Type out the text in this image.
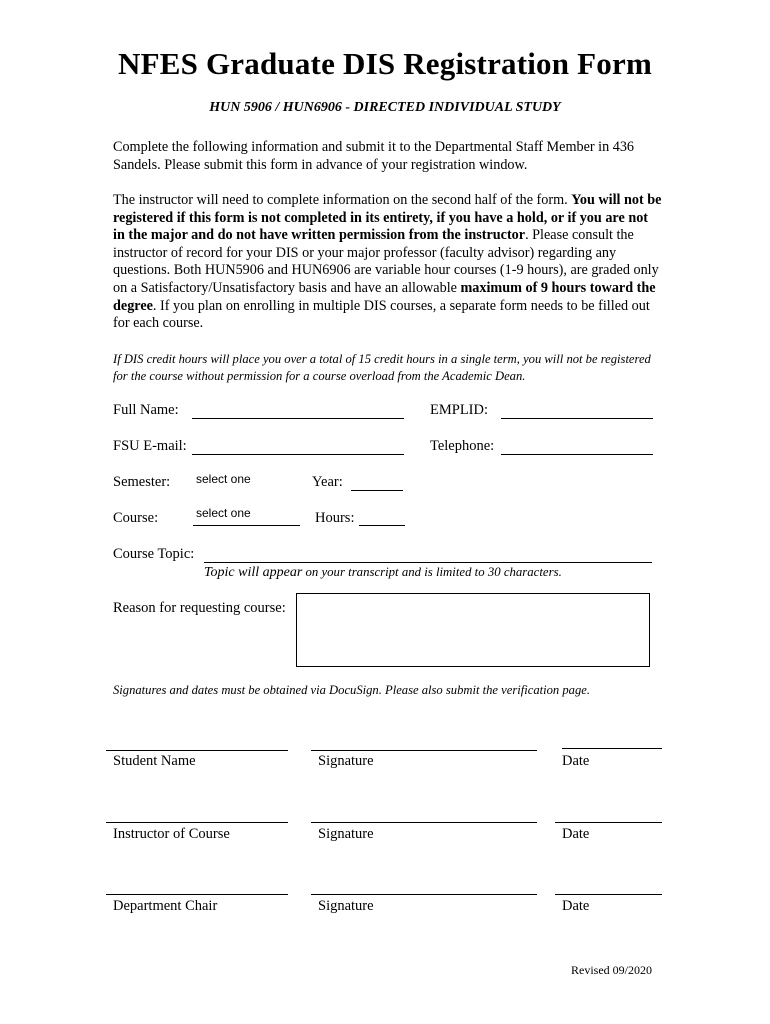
NFES Graduate DIS Registration Form
HUN 5906 / HUN6906 - DIRECTED INDIVIDUAL STUDY
Complete the following information and submit it to the Departmental Staff Member in 436 Sandels. Please submit this form in advance of your registration window.
The instructor will need to complete information on the second half of the form. You will not be registered if this form is not completed in its entirety, if you have a hold, or if you are not in the major and do not have written permission from the instructor. Please consult the instructor of record for your DIS or your major professor (faculty advisor) regarding any questions. Both HUN5906 and HUN6906 are variable hour courses (1-9 hours), are graded only on a Satisfactory/Unsatisfactory basis and have an allowable maximum of 9 hours toward the degree. If you plan on enrolling in multiple DIS courses, a separate form needs to be filled out for each course.
If DIS credit hours will place you over a total of 15 credit hours in a single term, you will not be registered for the course without permission for a course overload from the Academic Dean.
Full Name:	EMPLID:
FSU E-mail:	Telephone:
Semester: select one	Year:
Course:	select one	Hours:
Course Topic:
Topic will appear on your transcript and is limited to 30 characters.
Reason for requesting course:
Signatures and dates must be obtained via DocuSign. Please also submit the verification page.
Student Name	Signature	Date
Instructor of Course	Signature	Date
Department Chair	Signature	Date
Revised 09/2020
